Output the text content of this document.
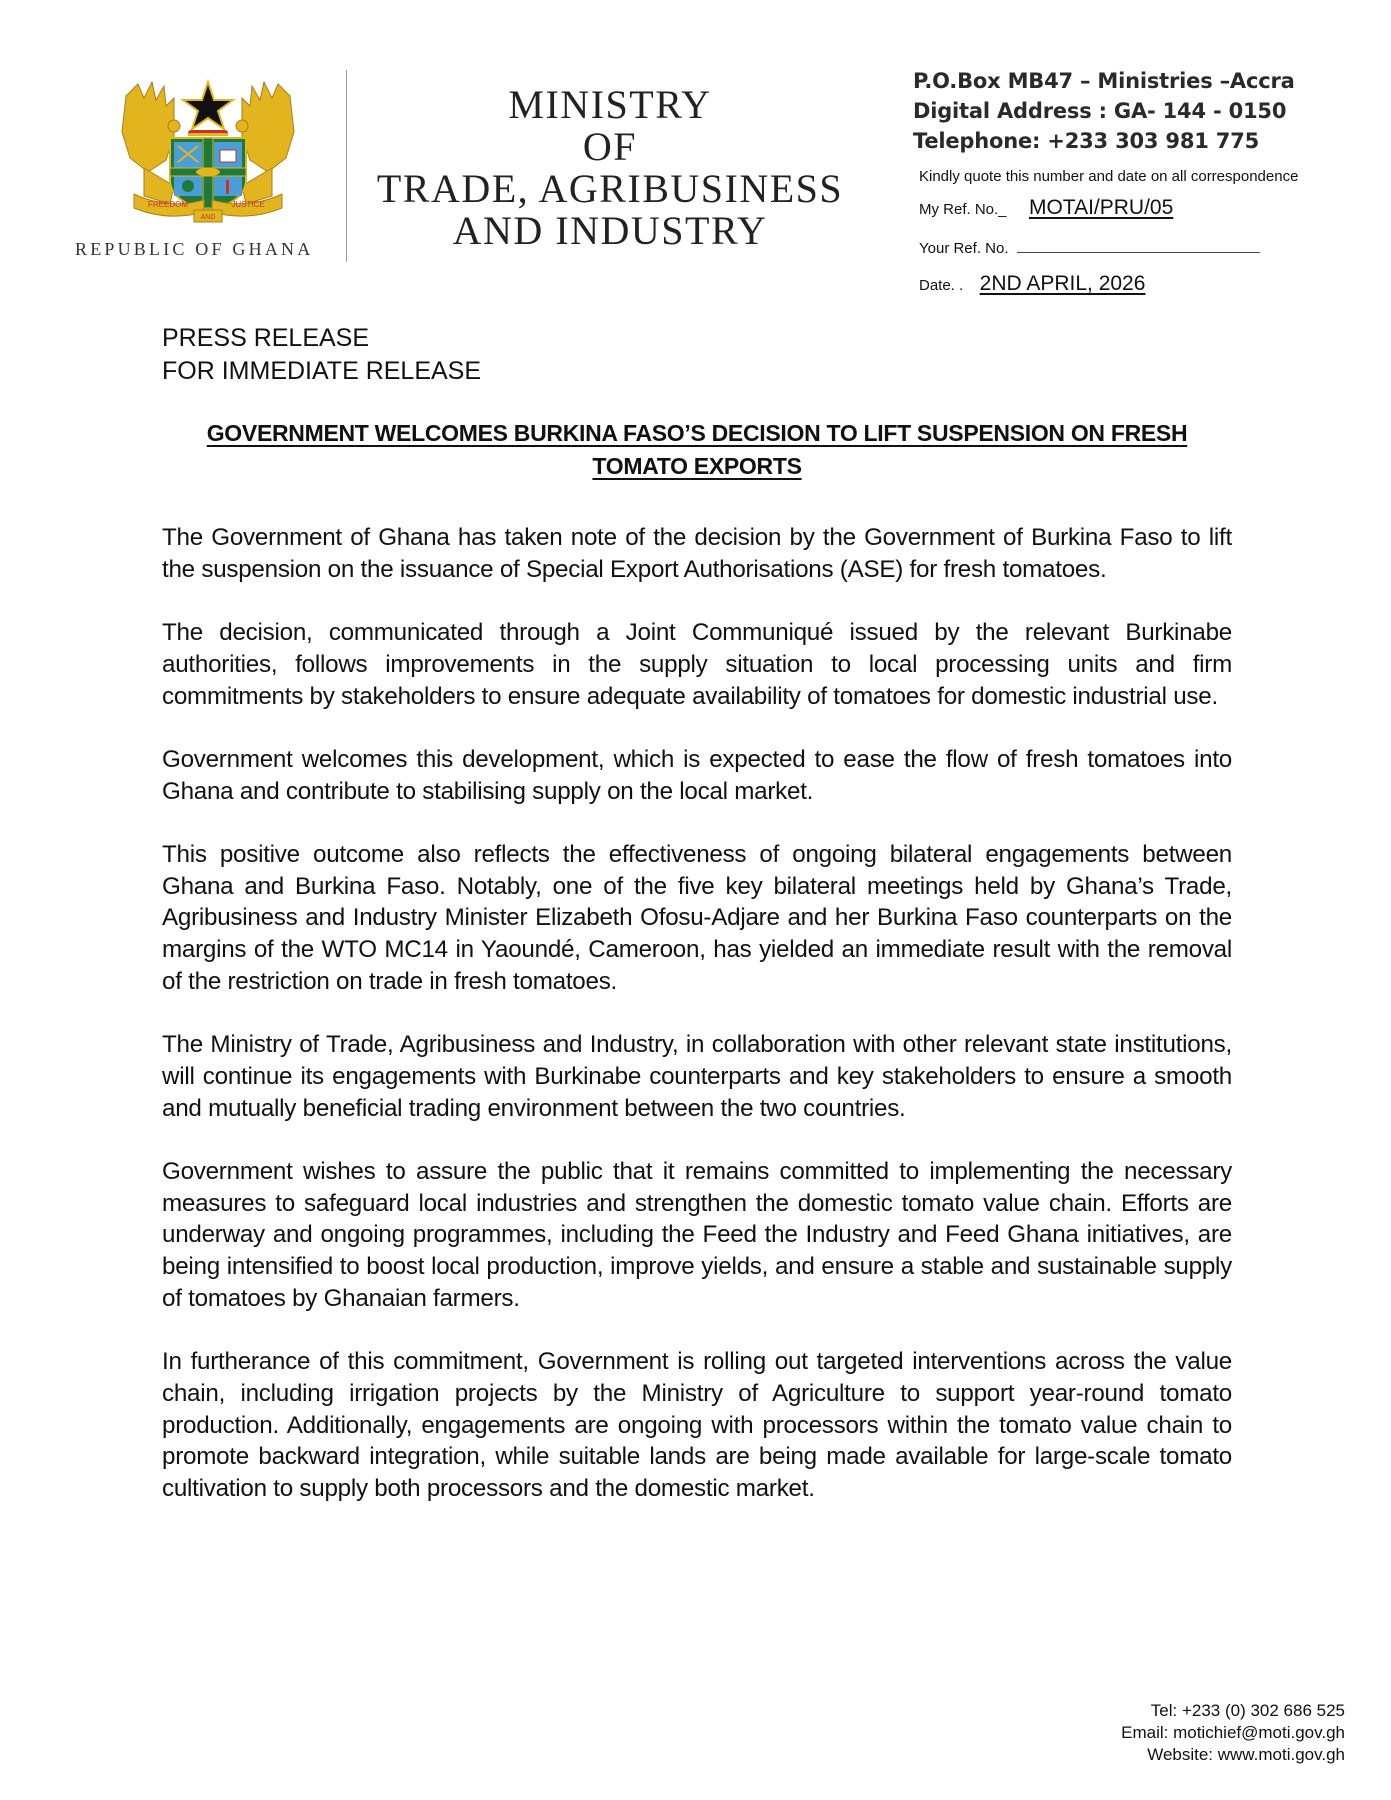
FREEDOM	JUSTICE
AND
REPUBLIC OF GHANA
MINISTRY
OF
TRADE, AGRIBUSINESS
AND INDUSTRY
P.O.Box MB47 – Ministries –Accra
Digital Address : GA- 144 - 0150
Telephone: +233 303 981 775
Kindly quote this number and date on all correspondence
My Ref. No._ MOTAI/PRU/05
Your Ref. No.
Date. . 2ND APRIL, 2026
PRESS RELEASE
FOR IMMEDIATE RELEASE
GOVERNMENT WELCOMES BURKINA FASO’S DECISION TO LIFT SUSPENSION ON FRESH TOMATO EXPORTS

The Government of Ghana has taken note of the decision by the Government of Burkina Faso to lift the suspension on the issuance of Special Export Authorisations (ASE) for fresh tomatoes.

The decision, communicated through a Joint Communiqué issued by the relevant Burkinabe authorities, follows improvements in the supply situation to local processing units and firm commitments by stakeholders to ensure adequate availability of tomatoes for domestic industrial use.

Government welcomes this development, which is expected to ease the flow of fresh tomatoes into Ghana and contribute to stabilising supply on the local market.

This positive outcome also reflects the effectiveness of ongoing bilateral engagements between Ghana and Burkina Faso. Notably, one of the five key bilateral meetings held by Ghana’s Trade, Agribusiness and Industry Minister Elizabeth Ofosu-Adjare and her Burkina Faso counterparts on the margins of the WTO MC14 in Yaoundé, Cameroon, has yielded an immediate result with the removal of the restriction on trade in fresh tomatoes.

The Ministry of Trade, Agribusiness and Industry, in collaboration with other relevant state institutions, will continue its engagements with Burkinabe counterparts and key stakeholders to ensure a smooth and mutually beneficial trading environment between the two countries.

Government wishes to assure the public that it remains committed to implementing the necessary measures to safeguard local industries and strengthen the domestic tomato value chain. Efforts are underway and ongoing programmes, including the Feed the Industry and Feed Ghana initiatives, are being intensified to boost local production, improve yields, and ensure a stable and sustainable supply of tomatoes by Ghanaian farmers.

In furtherance of this commitment, Government is rolling out targeted interventions across the value chain, including irrigation projects by the Ministry of Agriculture to support year-round tomato production. Additionally, engagements are ongoing with processors within the tomato value chain to promote backward integration, while suitable lands are being made available for large-scale tomato cultivation to supply both processors and the domestic market.

Tel: +233 (0) 302 686 525
Email: motichief@moti.gov.gh
Website: www.moti.gov.gh
